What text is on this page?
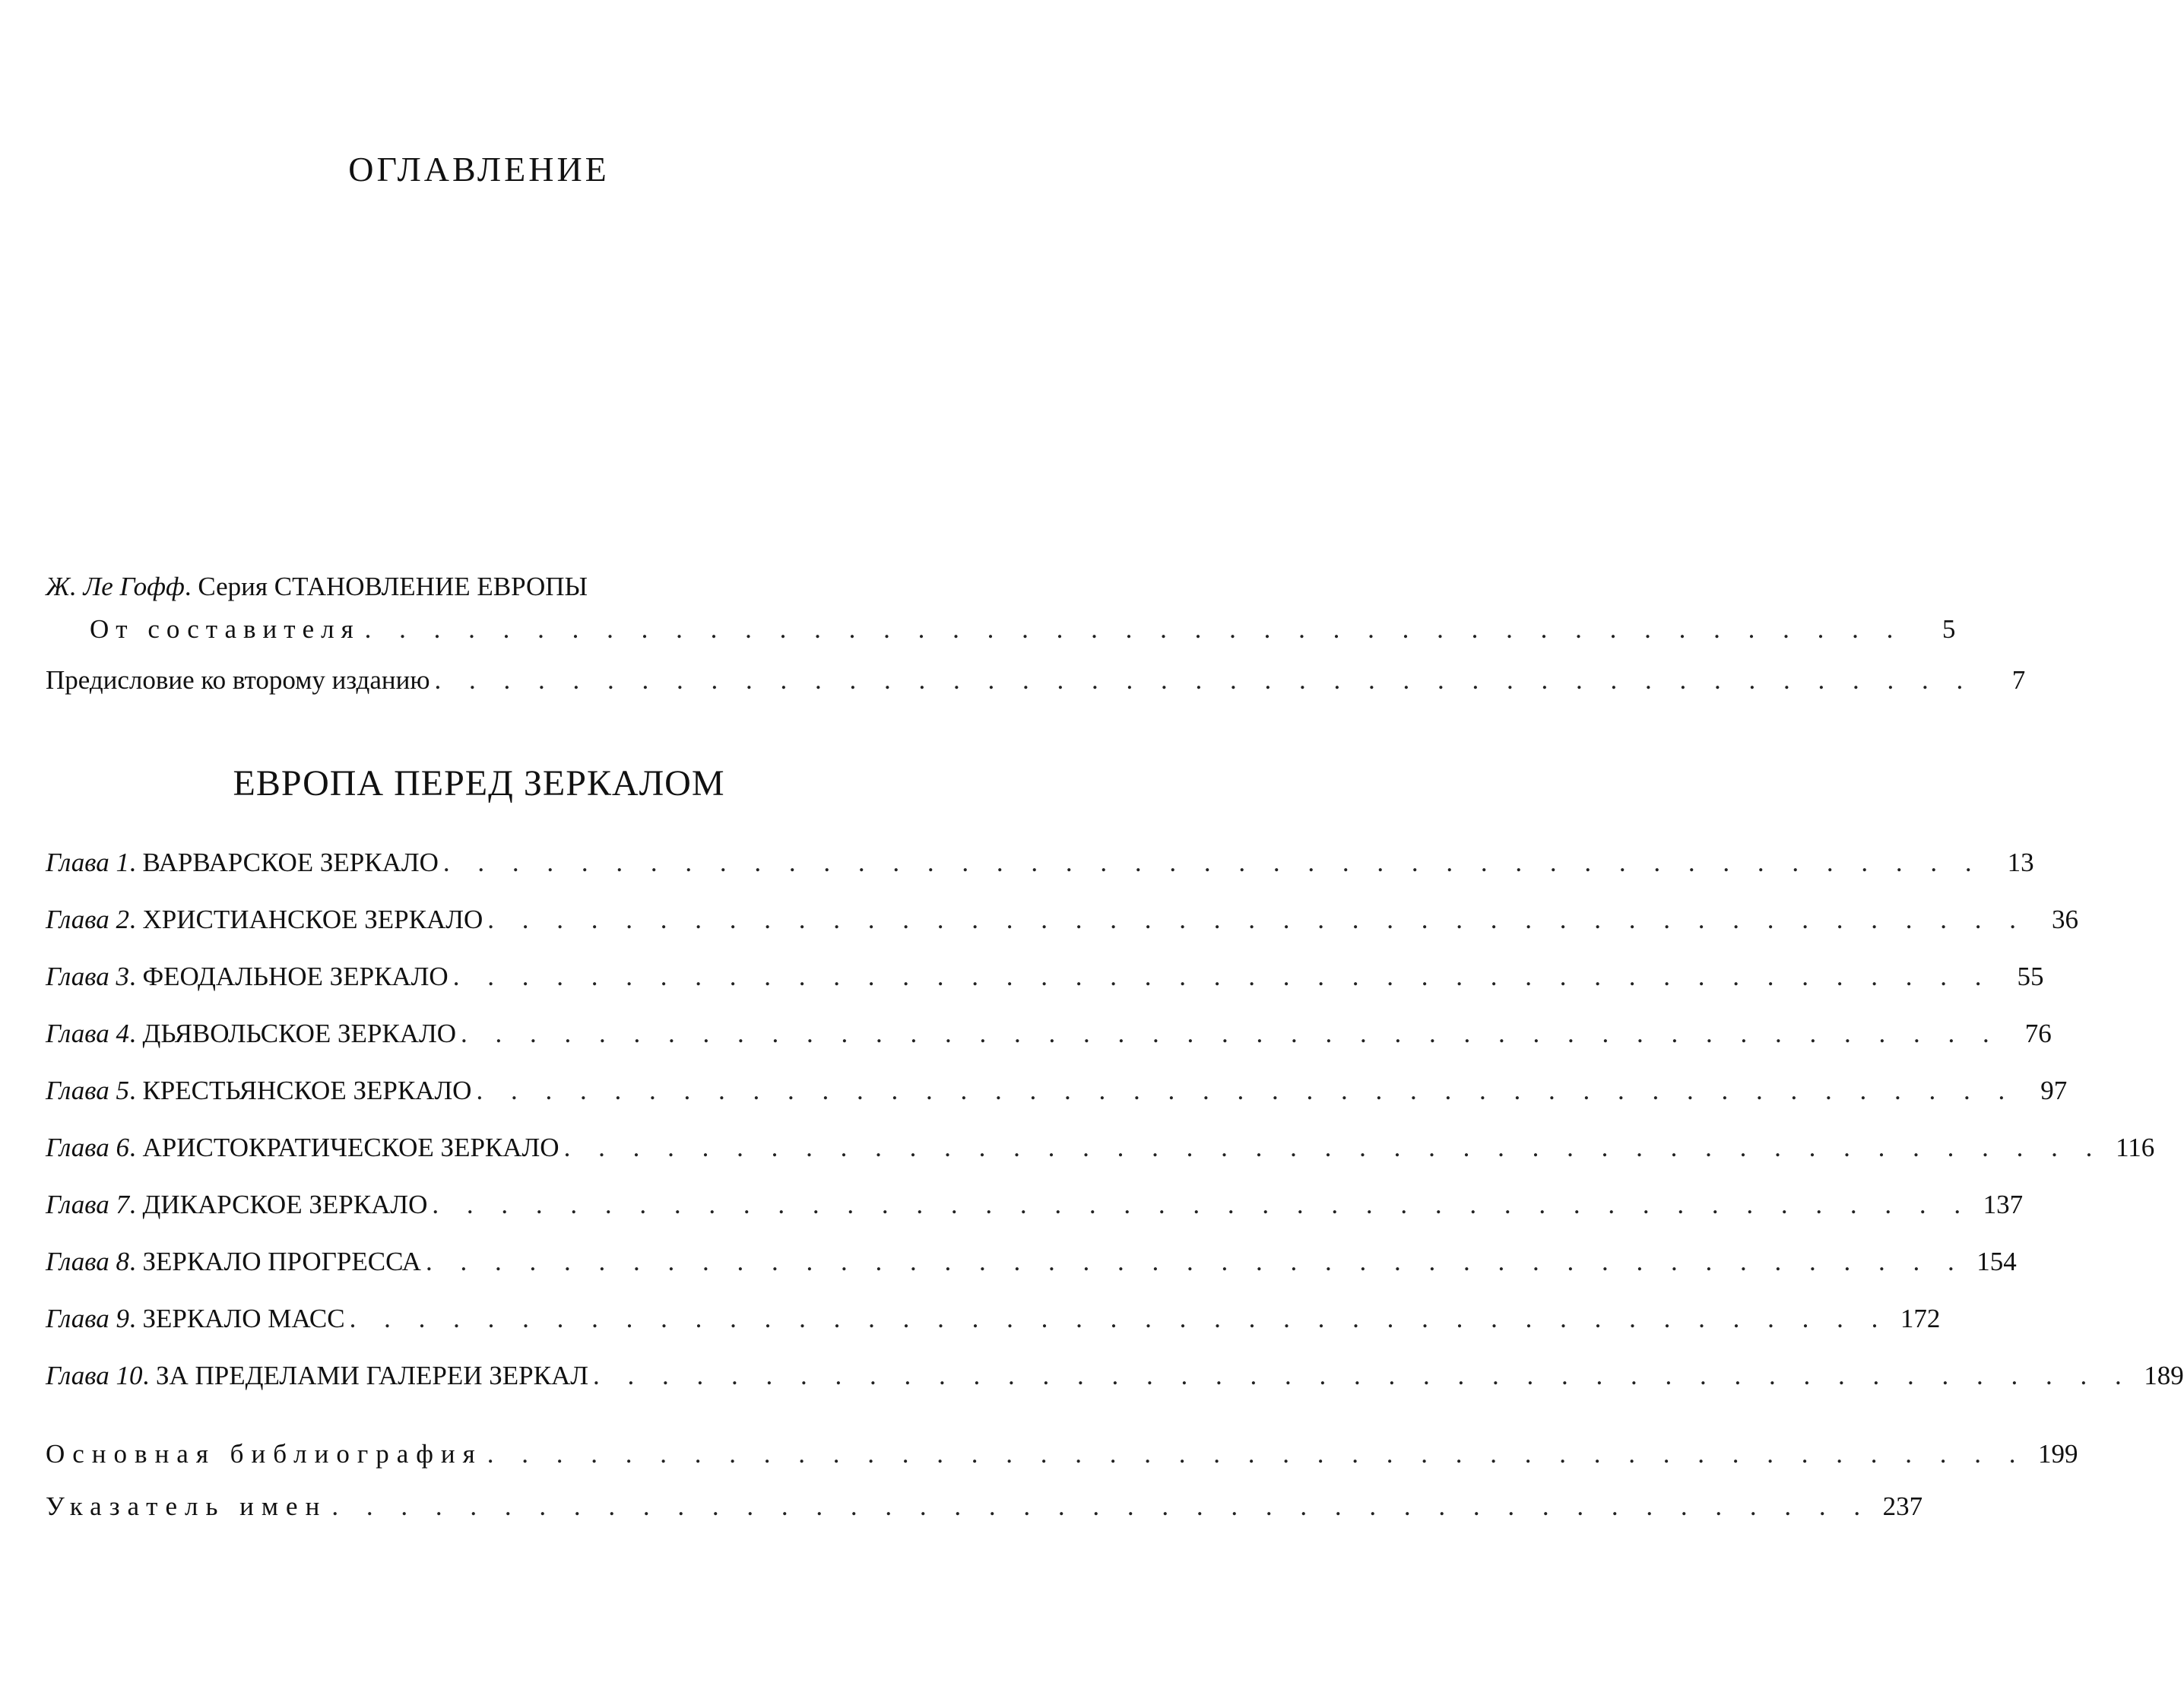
ОГЛАВЛЕНИЕ
Ж. Ле Гофф. Серия СТАНОВЛЕНИЕ ЕВРОПЫ
От составителя . . . . . . . . . . . . . . . . . . . . . . . . . . . . . . . . . . . . . . . . . . . . .	5
Предисловие ко второму изданию . . . . . . . . . . . . . . . . . . . . . . . . . . . . . . . . . . . . . . . . . . . . .	7
ЕВРОПА ПЕРЕД ЗЕРКАЛОМ
Глава 1. ВАРВАРСКОЕ ЗЕРКАЛО . . . . . . . . . . . . . . . . . . . . . . . . . . . . . . . . . . . . . . . . . . . . . 13
Глава 2. ХРИСТИАНСКОЕ ЗЕРКАЛО . . . . . . . . . . . . . . . . . . . . . . . . . . . . . . . . . . . . . . . . . . . . . 36
Глава 3. ФЕОДАЛЬНОЕ ЗЕРКАЛО . . . . . . . . . . . . . . . . . . . . . . . . . . . . . . . . . . . . . . . . . . . . . 55
Глава 4. ДЬЯВОЛЬСКОЕ ЗЕРКАЛО . . . . . . . . . . . . . . . . . . . . . . . . . . . . . . . . . . . . . . . . . . . . . 76
Глава 5. КРЕСТЬЯНСКОЕ ЗЕРКАЛО . . . . . . . . . . . . . . . . . . . . . . . . . . . . . . . . . . . . . . . . . . . . . 97
Глава 6. АРИСТОКРАТИЧЕСКОЕ ЗЕРКАЛО . . . . . . . . . . . . . . . . . . . . . . . . . . . . . . . . . . . . . . . . . . . . . 116
Глава 7. ДИКАРСКОЕ ЗЕРКАЛО . . . . . . . . . . . . . . . . . . . . . . . . . . . . . . . . . . . . . . . . . . . . . 137
Глава 8. ЗЕРКАЛО ПРОГРЕССА . . . . . . . . . . . . . . . . . . . . . . . . . . . . . . . . . . . . . . . . . . . . . 154
Глава 9. ЗЕРКАЛО МАСС . . . . . . . . . . . . . . . . . . . . . . . . . . . . . . . . . . . . . . . . . . . . . 172
Глава 10. ЗА ПРЕДЕЛАМИ ГАЛЕРЕИ ЗЕРКАЛ . . . . . . . . . . . . . . . . . . . . . . . . . . . . . . . . . . . . . . . . . . . . . 189
Основная библиография . . . . . . . . . . . . . . . . . . . . . . . . . . . . . . . . . . . . . . . . . . . . . 199
Указатель имен . . . . . . . . . . . . . . . . . . . . . . . . . . . . . . . . . . . . . . . . . . . . . 237
